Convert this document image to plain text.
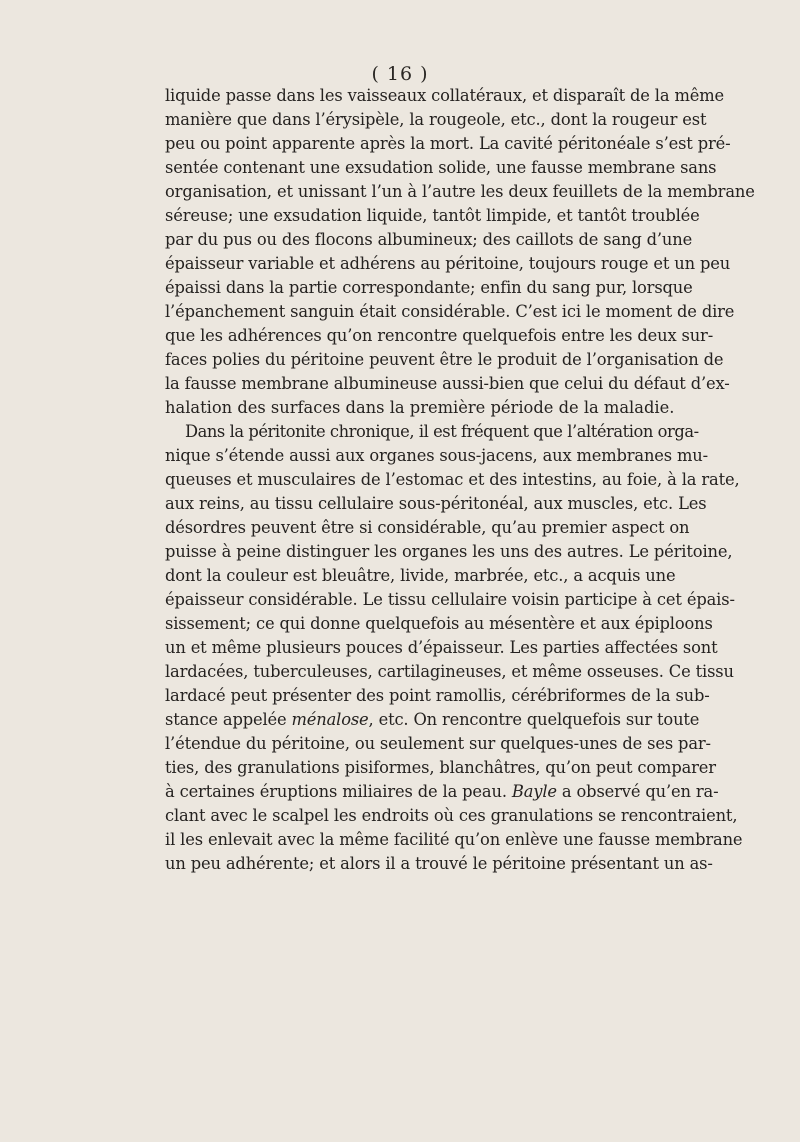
( 16 )
liquide passe dans les vaisseaux collatéraux, et disparaît de la même
manière que dans l’érysipèle, la rougeole, etc., dont la rougeur est
peu ou point apparente après la mort. La cavité péritonéale s’est pré-
sentée contenant une exsudation solide, une fausse membrane sans
organisation, et unissant l’un à l’autre les deux feuillets de la membrane
séreuse; une exsudation liquide, tantôt limpide, et tantôt troublée
par du pus ou des flocons albumineux; des caillots de sang d’une
épaisseur variable et adhérens au péritoine, toujours rouge et un peu
épaissi dans la partie correspondante; enfin du sang pur, lorsque
l’épanchement sanguin était considérable. C’est ici le moment de dire
que les adhérences qu’on rencontre quelquefois entre les deux sur-
faces polies du péritoine peuvent être le produit de l’organisation de
la fausse membrane albumineuse aussi-bien que celui du défaut d’ex-
halation des surfaces dans la première période de la maladie.
Dans la péritonite chronique, il est fréquent que l’altération orga-
nique s’étende aussi aux organes sous-jacens, aux membranes mu-
queuses et musculaires de l’estomac et des intestins, au foie, à la rate,
aux reins, au tissu cellulaire sous-péritonéal, aux muscles, etc. Les
désordres peuvent être si considérable, qu’au premier aspect on
puisse à peine distinguer les organes les uns des autres. Le péritoine,
dont la couleur est bleuâtre, livide, marbrée, etc., a acquis une
épaisseur considérable. Le tissu cellulaire voisin participe à cet épais-
sissement; ce qui donne quelquefois au mésentère et aux épiploons
un et même plusieurs pouces d’épaisseur. Les parties affectées sont
lardacées, tuberculeuses, cartilagineuses, et même osseuses. Ce tissu
lardacé peut présenter des point ramollis, cérébriformes de la sub-
stance appelée ménalose, etc. On rencontre quelquefois sur toute
l’étendue du péritoine, ou seulement sur quelques-unes de ses par-
ties, des granulations pisiformes, blanchâtres, qu’on peut comparer
à certaines éruptions miliaires de la peau. Bayle a observé qu’en ra-
clant avec le scalpel les endroits où ces granulations se rencontraient,
il les enlevait avec la même facilité qu’on enlève une fausse membrane
un peu adhérente; et alors il a trouvé le péritoine présentant un as-
